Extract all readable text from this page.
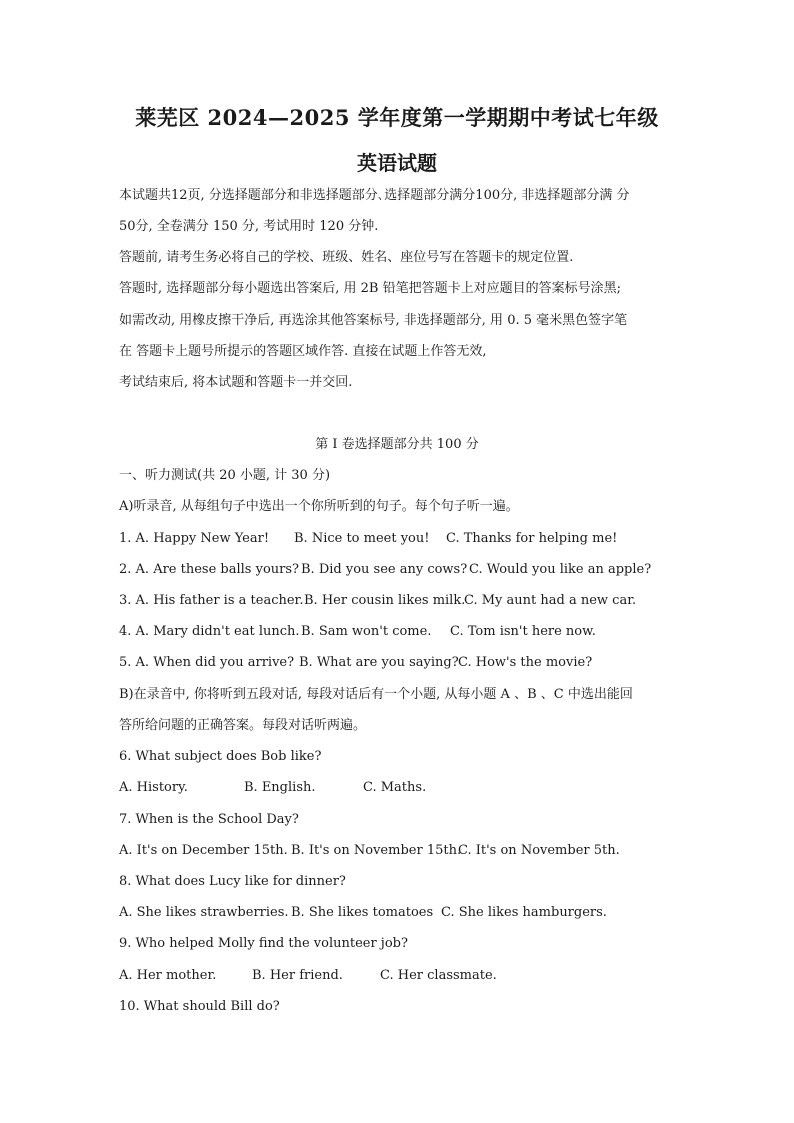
莱芜区 2024—2025 学年度第一学期期中考试七年级
英语试题
本试题共12页, 分选择题部分和非选择题部分､选择题部分满分100分, 非选择题部分满 分
50分, 全卷满分 150 分, 考试用时 120 分钟.
答题前, 请考生务必将自己的学校、班级、姓名、座位号写在答题卡的规定位置.
答题时, 选择题部分每小题选出答案后, 用 2B 铅笔把答题卡上对应题目的答案标号涂黑;
如需改动, 用橡皮擦干净后, 再选涂其他答案标号, 非选择题部分, 用 0. 5 毫米黑色签字笔
在 答题卡上题号所提示的答题区域作答. 直接在试题上作答无效,
考试结束后, 将本试题和答题卡一并交回.
第 I 卷选择题部分共 100 分
一、听力测试(共 20 小题, 计 30 分)
A)听录音, 从每组句子中选出一个你所听到的句子。每个句子听一遍。
1. A. Happy New Year! B. Nice to meet you! C. Thanks for helping me!
2. A. Are these balls yours? B. Did you see any cows? C. Would you like an apple?
3. A. His father is a teacher. B. Her cousin likes milk.
C. My aunt had a new car.
4. A. Mary didn't eat lunch. B. Sam won't come. C. Tom isn't here now.
5. A. When did you arrive? B. What are you saying? C. How's the movie?
B)在录音中, 你将听到五段对话, 每段对话后有一个小题, 从每小题 A 、B 、C 中选出能回
答所给问题的正确答案。每段对话听两遍。
6. What subject does Bob like?
A. History.	B. English.	C. Maths.
7. When is the School Day?
A. It's on December 15th. B. It's on November 15th.
C. It's on November 5th.
8. What does Lucy like for dinner?
A. She likes strawberries. B. She likes tomatoes C. She likes hamburgers.
9. Who helped Molly find the volunteer job?
A. Her mother.	B. Her friend.	C. Her classmate.
10. What should Bill do?
